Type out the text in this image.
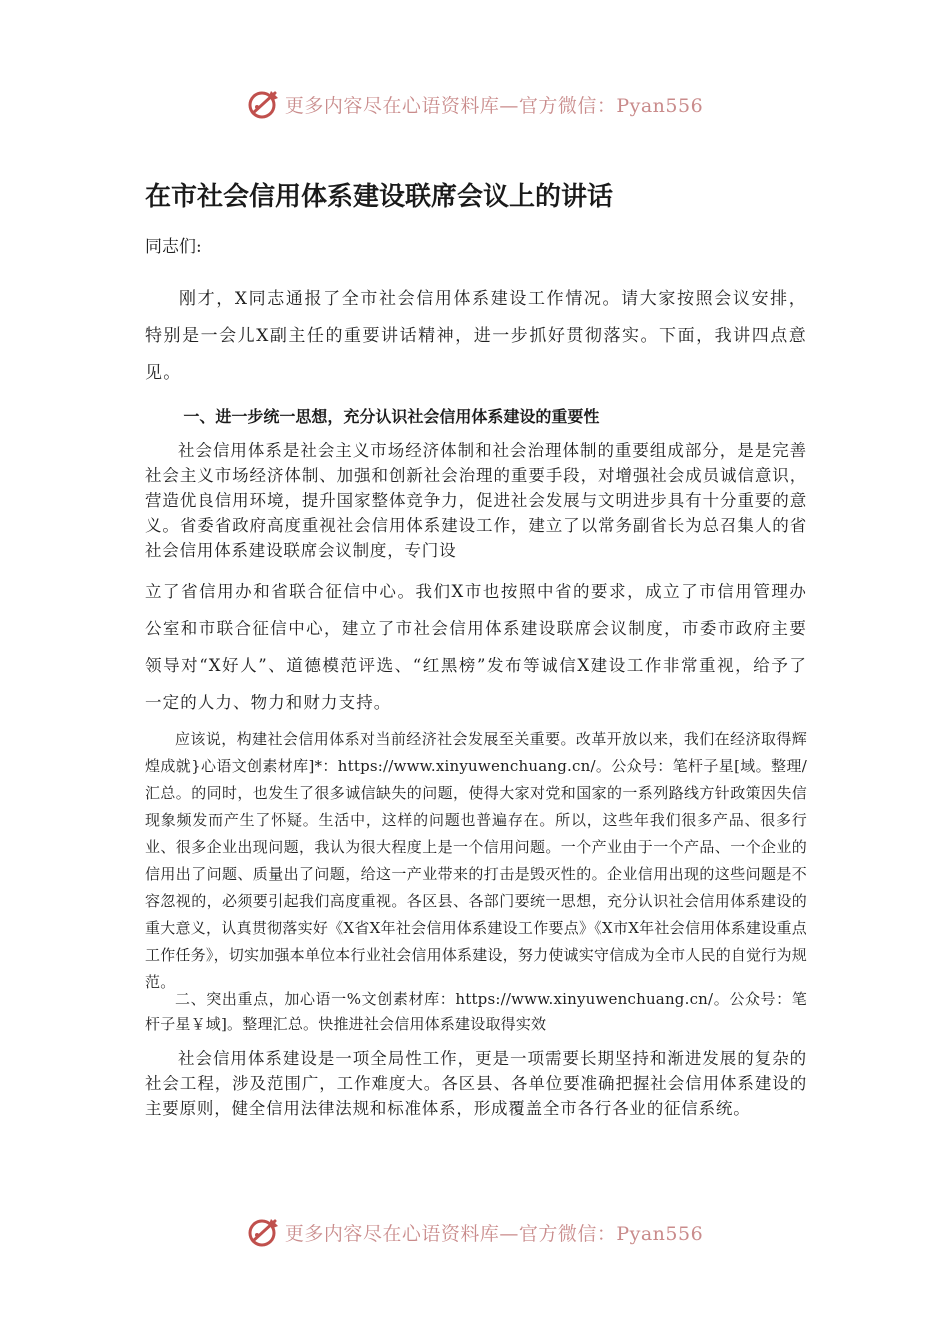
更多内容尽在心语资料库—官方微信：Pyan556
在市社会信用体系建设联席会议上的讲话

同志们:

刚才，X同志通报了全市社会信用体系建设工作情况。请大家按照会议安排，特别是一会儿X副主任的重要讲话精神，进一步抓好贯彻落实。下面，我讲四点意见。

一、进一步统一思想，充分认识社会信用体系建设的重要性

社会信用体系是社会主义市场经济体制和社会治理体制的重要组成部分，是是完善社会主义市场经济体制、加强和创新社会治理的重要手段，对增强社会成员诚信意识，营造优良信用环境，提升国家整体竞争力，促进社会发展与文明进步具有十分重要的意义。省委省政府高度重视社会信用体系建设工作，建立了以常务副省长为总召集人的省社会信用体系建设联席会议制度，专门设

立了省信用办和省联合征信中心。我们X市也按照中省的要求，成立了市信用管理办公室和市联合征信中心，建立了市社会信用体系建设联席会议制度，市委市政府主要领导对“X好人”、道德模范评选、“红黑榜”发布等诚信X建设工作非常重视，给予了一定的人力、物力和财力支持。

应该说，构建社会信用体系对当前经济社会发展至关重要。改革开放以来，我们在经济取得辉煌成就}心语文创素材库]*：https://www.xinyuwenchuang.cn/。公众号：笔杆子星[域。整理/汇总。的同时，也发生了很多诚信缺失的问题，使得大家对党和国家的一系列路线方针政策因失信现象频发而产生了怀疑。生活中，这样的问题也普遍存在。所以，这些年我们很多产品、很多行业、很多企业出现问题，我认为很大程度上是一个信用问题。一个产业由于一个产品、一个企业的信用出了问题、质量出了问题，给这一产业带来的打击是毁灭性的。企业信用出现的这些问题是不容忽视的，必须要引起我们高度重视。各区县、各部门要统一思想，充分认识社会信用体系建设的重大意义，认真贯彻落实好《X省X年社会信用体系建设工作要点》《X市X年社会信用体系建设重点工作任务》，切实加强本单位本行业社会信用体系建设，努力使诚实守信成为全市人民的自觉行为规范。

二、突出重点，加心语一%文创素材库：https://www.xinyuwenchuang.cn/。公众号：笔杆子星￥域]。整理汇总。快推进社会信用体系建设取得实效

社会信用体系建设是一项全局性工作，更是一项需要长期坚持和渐进发展的复杂的社会工程，涉及范围广，工作难度大。各区县、各单位要准确把握社会信用体系建设的主要原则，健全信用法律法规和标准体系，形成覆盖全市各行各业的征信系统。

更多内容尽在心语资料库—官方微信：Pyan556
